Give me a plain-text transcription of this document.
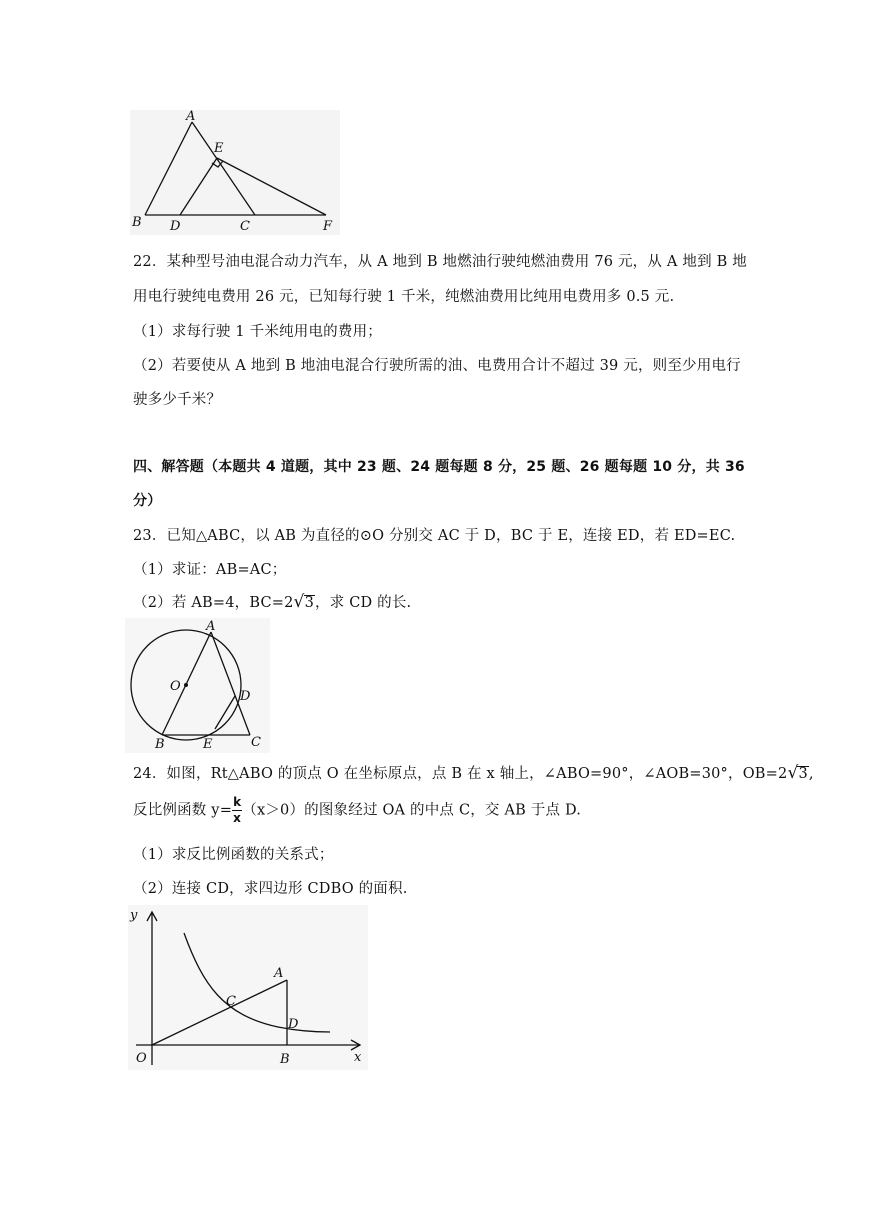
A
E
B D	C	F
22．某种型号油电混合动力汽车，从 A 地到 B 地燃油行驶纯燃油费用 76 元，从 A 地到 B 地
用电行驶纯电费用 26 元，已知每行驶 1 千米，纯燃油费用比纯用电费用多 0.5 元.
（1）求每行驶 1 千米纯用电的费用；
（2）若要使从 A 地到 B 地油电混合行驶所需的油、电费用合计不超过 39 元，则至少用电行
驶多少千米？
四、解答题（本题共 4 道题，其中 23 题、24 题每题 8 分，25 题、26 题每题 10 分，共 36
分）
23．已知△ABC，以 AB 为直径的⊙O 分别交 AC 于 D，BC 于 E，连接 ED，若 ED=EC.
（1）求证：AB=AC；
（2）若 AB=4，BC=2√3，求 CD 的长.
A
O
D
B	E	C
24．如图，Rt△ABO 的顶点 O 在坐标原点，点 B 在 x 轴上，∠ABO=90°，∠AOB=30°，OB=2√3,
反比例函数 $y= \frac{k}{x} (x>0)$的图象经过 OA 的中点 C，交 AB 于点 D.
（1）求反比例函数的关系式；
（2）连接 CD，求四边形 CDBO 的面积.
y
A
C
D
O	B	x
